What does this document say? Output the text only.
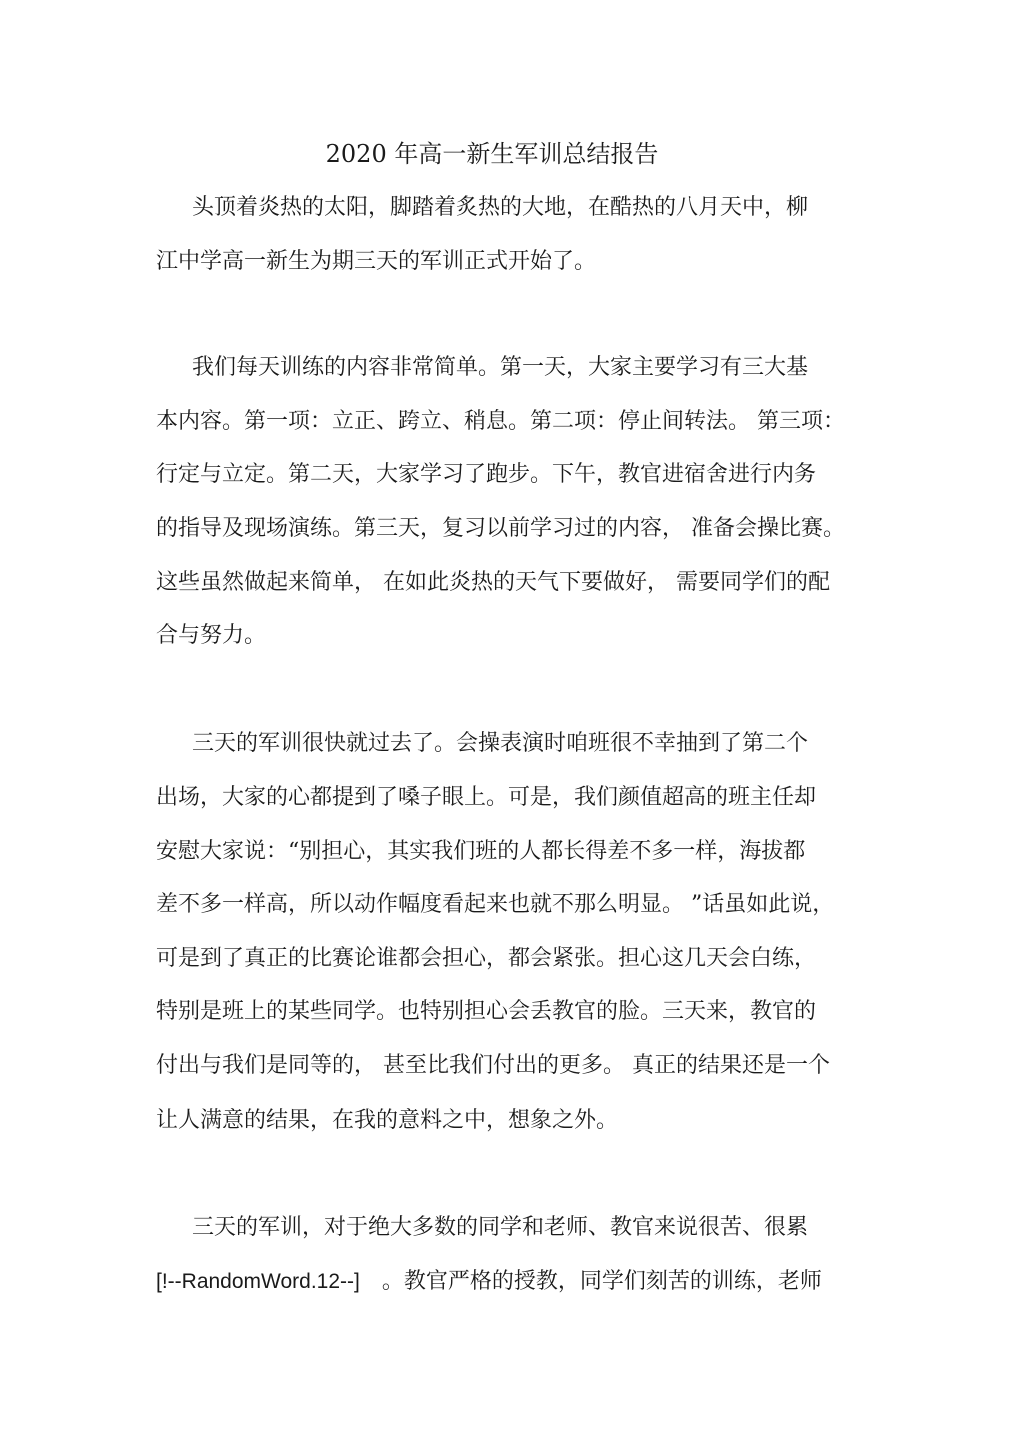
2020 年高一新生军训总结报告
头顶着炎热的太阳，脚踏着炙热的大地，在酷热的八月天中，柳
江中学高一新生为期三天的军训正式开始了。
我们每天训练的内容非常简单。第一天，大家主要学习有三大基
本内容。第一项：立正、跨立、稍息。第二项：停止间转法。 第三项：
行定与立定。第二天，大家学习了跑步。下午，教官进宿舍进行内务
的指导及现场演练。第三天，复习以前学习过的内容， 准备会操比赛。
这些虽然做起来简单， 在如此炎热的天气下要做好， 需要同学们的配
合与努力。
三天的军训很快就过去了。会操表演时咱班很不幸抽到了第二个
出场，大家的心都提到了嗓子眼上。可是，我们颜值超高的班主任却
安慰大家说：“别担心，其实我们班的人都长得差不多一样，海拔都
差不多一样高，所以动作幅度看起来也就不那么明显。 ”话虽如此说，
可是到了真正的比赛论谁都会担心，都会紧张。担心这几天会白练，
特别是班上的某些同学。也特别担心会丢教官的脸。三天来，教官的
付出与我们是同等的， 甚至比我们付出的更多。 真正的结果还是一个
让人满意的结果，在我的意料之中，想象之外。
三天的军训，对于绝大多数的同学和老师、教官来说很苦、很累
[!--RandomWord.12--] 。教官严格的授教，同学们刻苦的训练，老师
